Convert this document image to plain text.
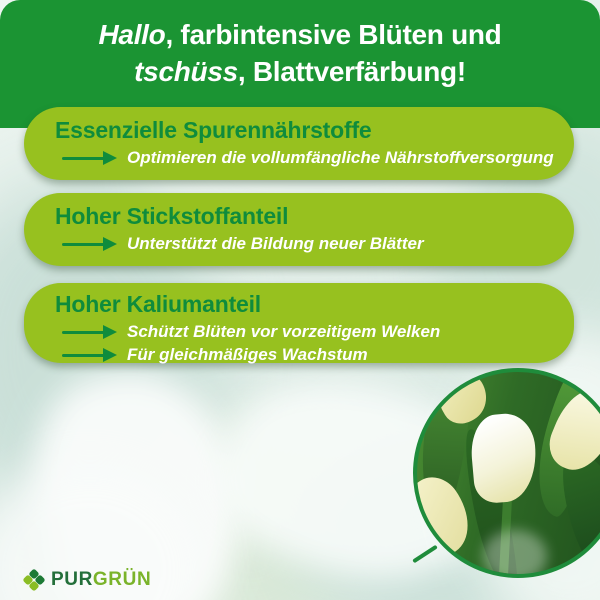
Hallo, farbintensive Blüten und
tschüss, Blattverfärbung!
Essenzielle Spurennährstoffe
Optimieren die vollumfängliche Nährstoffversorgung
Hoher Stickstoffanteil
Unterstützt die Bildung neuer Blätter
Hoher Kaliumanteil
Schützt Blüten vor vorzeitigem Welken
Für gleichmäßiges Wachstum
PURGRÜN
